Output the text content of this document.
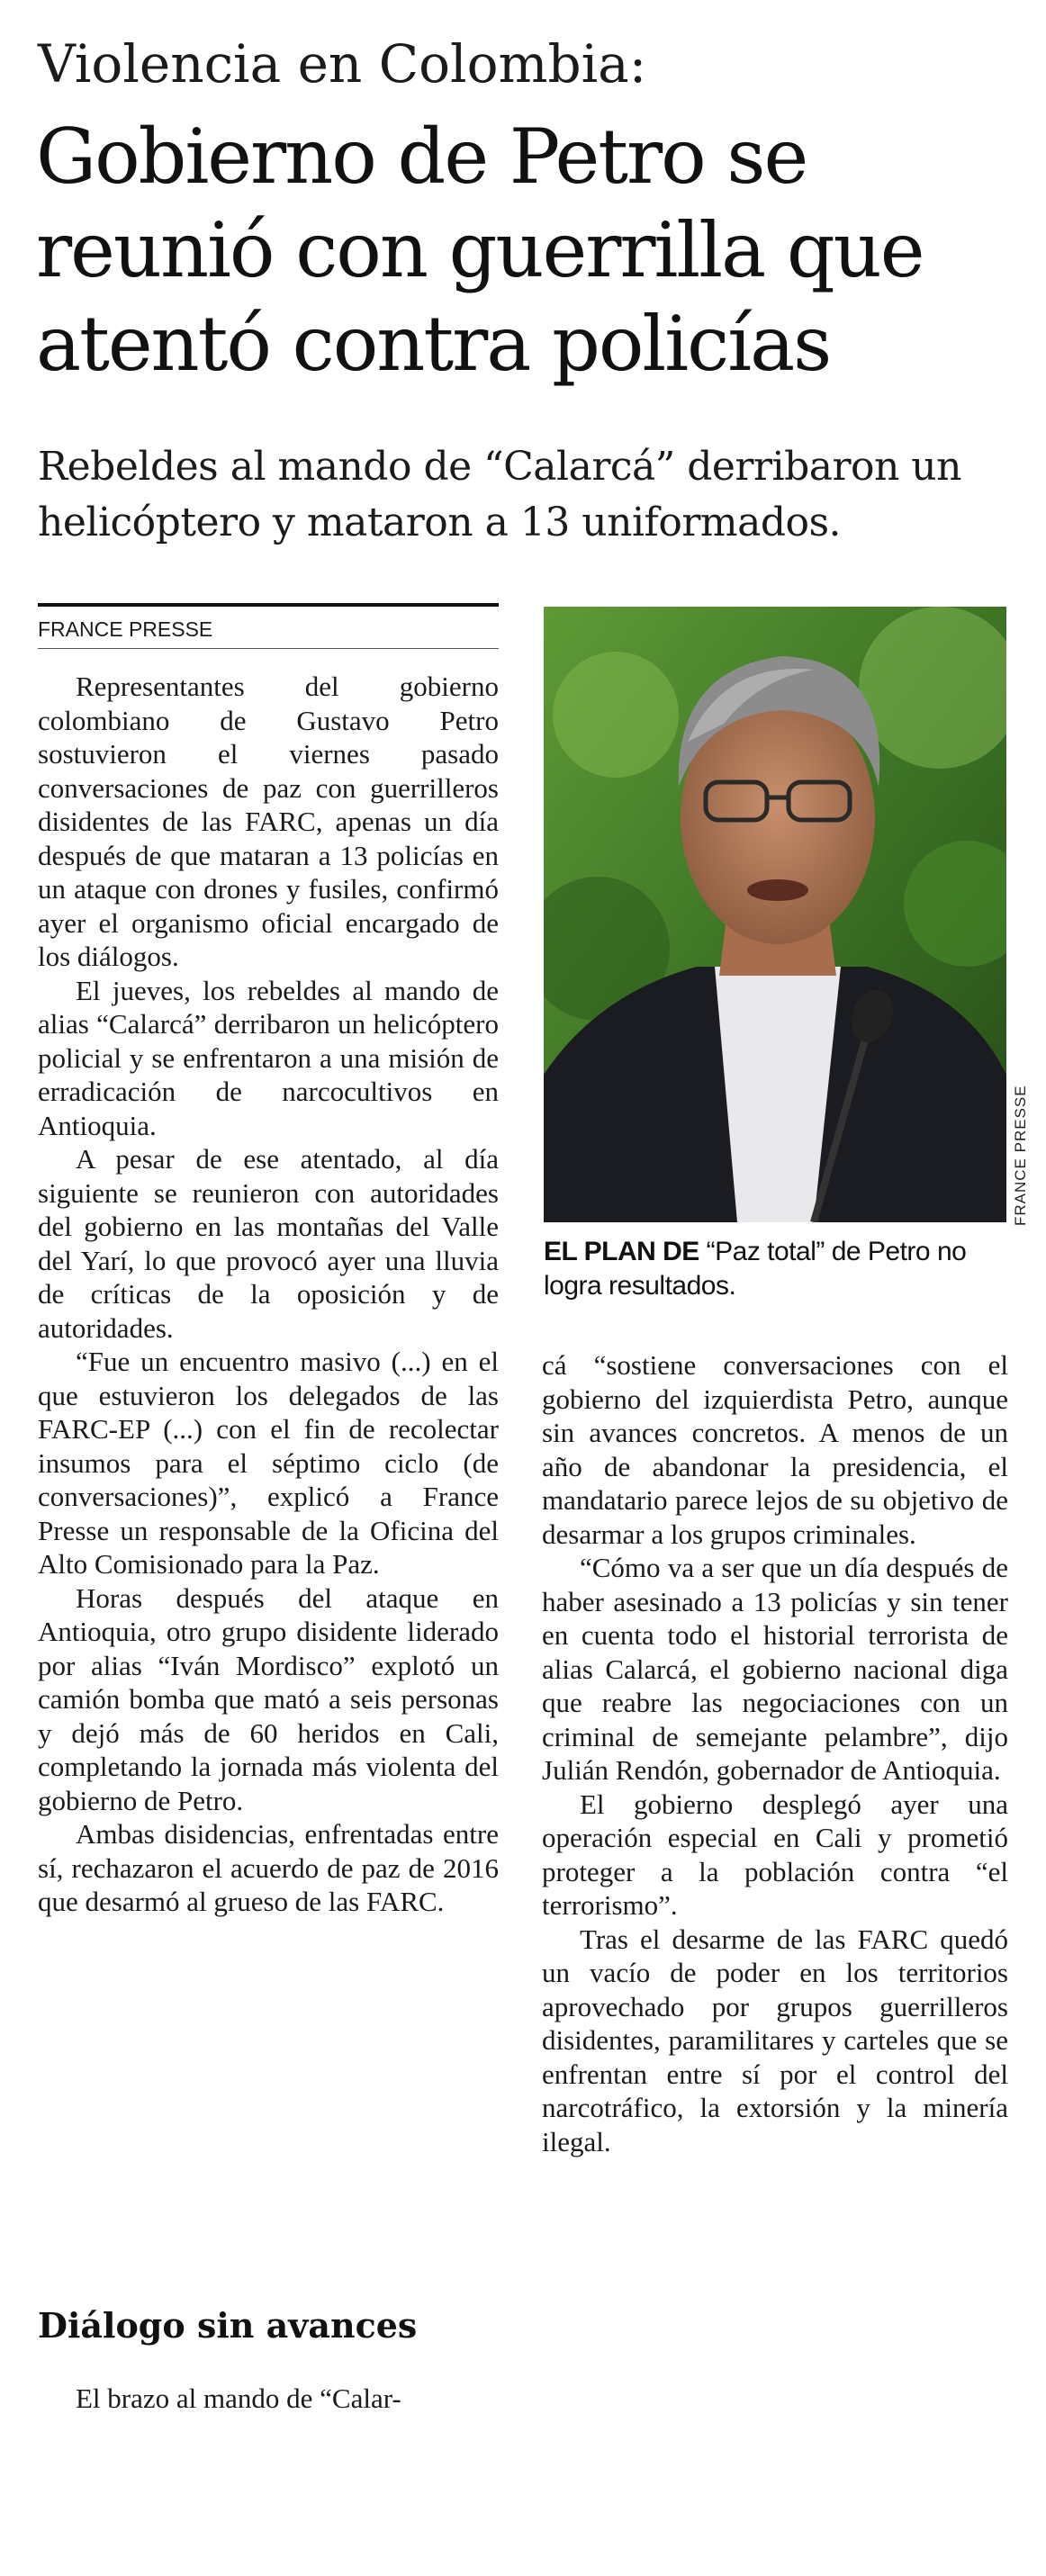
Violencia en Colombia:
Gobierno de Petro se reunió con guerrilla que atentó contra policías
Rebeldes al mando de “Calarcá” derribaron un helicóptero y mataron a 13 uniformados.
FRANCE PRESSE

Representantes del gobierno colombiano de Gustavo Petro sostuvieron el viernes pasado conversaciones de paz con guerrilleros disidentes de las FARC, apenas un día después de que mataran a 13 policías en un ataque con drones y fusiles, confirmó ayer el organismo oficial encargado de los diálogos.

El jueves, los rebeldes al mando de alias “Calarcá” derribaron un helicóptero policial y se enfrentaron a una misión de erradicación de narcocultivos en Antioquia.

A pesar de ese atentado, al día siguiente se reunieron con autoridades del gobierno en las montañas del Valle del Yarí, lo que provocó ayer una lluvia de críticas de la oposición y de autoridades.

“Fue un encuentro masivo (...) en el que estuvieron los delegados de las FARC-EP (...) con el fin de recolectar insumos para el séptimo ciclo (de conversaciones)”, explicó a France Presse un responsable de la Oficina del Alto Comisionado para la Paz.

Horas después del ataque en Antioquia, otro grupo disidente liderado por alias “Iván Mordisco” explotó un camión bomba que mató a seis personas y dejó más de 60 heridos en Cali, completando la jornada más violenta del gobierno de Petro.

Ambas disidencias, enfrentadas entre sí, rechazaron el acuerdo de paz de 2016 que desarmó al grueso de las FARC.

Diálogo sin avances

El brazo al mando de “Calar-

FRANCE PRESSE
EL PLAN DE “Paz total” de Petro no logra resultados.

cá “sostiene conversaciones con el gobierno del izquierdista Petro, aunque sin avances concretos. A menos de un año de abandonar la presidencia, el mandatario parece lejos de su objetivo de desarmar a los grupos criminales.

“Cómo va a ser que un día después de haber asesinado a 13 policías y sin tener en cuenta todo el historial terrorista de alias Calarcá, el gobierno nacional diga que reabre las negociaciones con un criminal de semejante pelambre”, dijo Julián Rendón, gobernador de Antioquia.

El gobierno desplegó ayer una operación especial en Cali y prometió proteger a la población contra “el terrorismo”.

Tras el desarme de las FARC quedó un vacío de poder en los territorios aprovechado por grupos guerrilleros disidentes, paramilitares y carteles que se enfrentan entre sí por el control del narcotráfico, la extorsión y la minería ilegal.
